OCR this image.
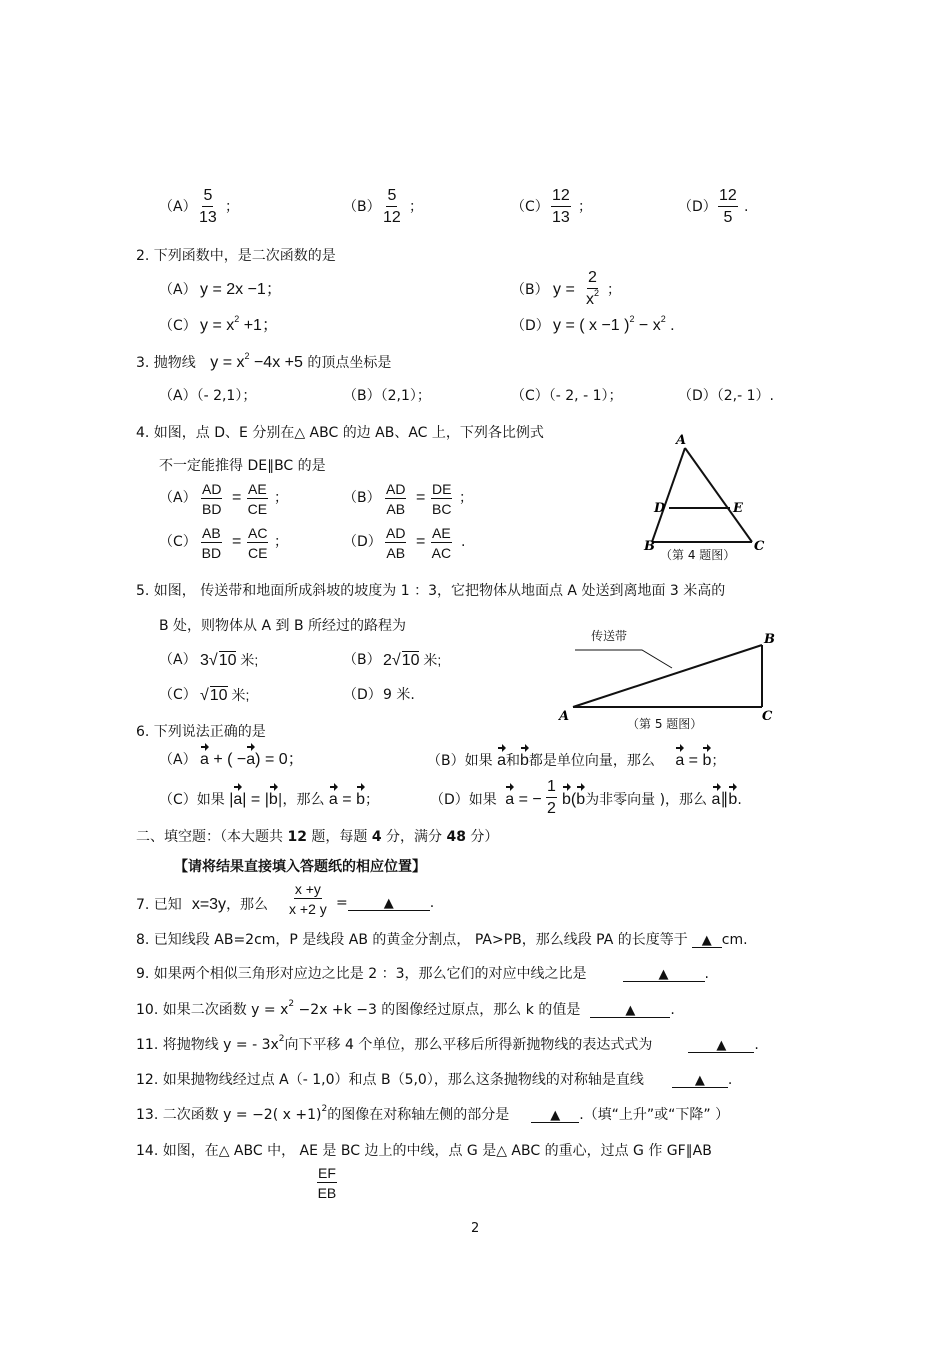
$(A) \frac{5}{13}$ ；	$(B) \frac{5}{12}$ ；	$(C) \frac{12}{13}$ ；	$(D) \frac{12}{5}$ .
2. 下列函数中，是二次函数的是
（A） y = 2x −1；	（B） $y = \frac{2}{x^2}$ ；
（C） $y = x^2 +1$；	（D） y = ( x −1 )$^2 - x^2$ .
3. 抛物线 $y = x^2 -4x +5$ 的顶点坐标是
（A）（- 2,1）；	（B）（2,1）；	（C）（- 2, - 1）；	（D）（2,- 1）.
4. 如图，点 D、E 分别在△ ABC 的边 AB、AC 上，下列各比例式
不一定能推得 DE∥BC 的是
$(A) \frac{AD}{BD} = \frac{AE}{CE}$ ；	$(B) \frac{AD}{AB} = \frac{DE}{BC}$ ；
$(C) \frac{AB}{BD} = \frac{AC}{CE}$ ；	$(D) \frac{AD}{AB} = \frac{AE}{AC}$ .
A
D	E
B	C
（第 4 题图）
5. 如图， 传送带和地面所成斜坡的坡度为 1 ：3，它把物体从地面点 A 处送到离地面 3 米高的
B 处，则物体从 A 到 B 所经过的路程为
（A） 3√10 米;	（B） 2√10 米;
（C） √10 米;	（D） 9 米.
B
A	C
传送带
（第 5 题图）
6. 下列说法正确的是
（A） a + ( −a) = 0；	（B）如果 a和b都是单位向量，那么 a = b；
（C）如果 |a| = |b|，那么 a = b；	（D）如果 a = − $\frac{1}{2} b(b$为非零向量 )，那么 a∥b.
二、填空题：（本大题共 12 题，每题 4 分，满分 48 分）
【请将结果直接填入答题纸的相应位置】
7. 已知 x=3y，那么 $\frac{x +y}{x +2 y}$ =	▲	.
8. 已知线段 AB=2cm，P 是线段 AB 的黄金分割点， PA>PB，那么线段 PA 的长度等于 ▲ cm.
9. 如果两个相似三角形对应边之比是 2 ：3，那么它们的对应中线之比是	▲	.
10. 如果二次函数 $y = x^2 -2x +k -3$ 的图像经过原点，那么 k 的值是	▲	.
11. 将抛物线 y = - $3x^2$向下平移 4 个单位，那么平移后所得新抛物线的表达式式为	▲ .
12. 如果抛物线经过点 A（- 1,0）和点 B（5,0），那么这条抛物线的对称轴是直线	▲ .
13. 二次函数 y = −2( x +1)$^2$的图像在对称轴左侧的部分是	▲ .（填“上升”或“下降” ）
14. 如图，在△ ABC 中， AE 是 BC 边上的中线，点 G 是△ ABC 的重心，过点 G 作 GF∥AB
$\frac{EF}{EB}$
2
